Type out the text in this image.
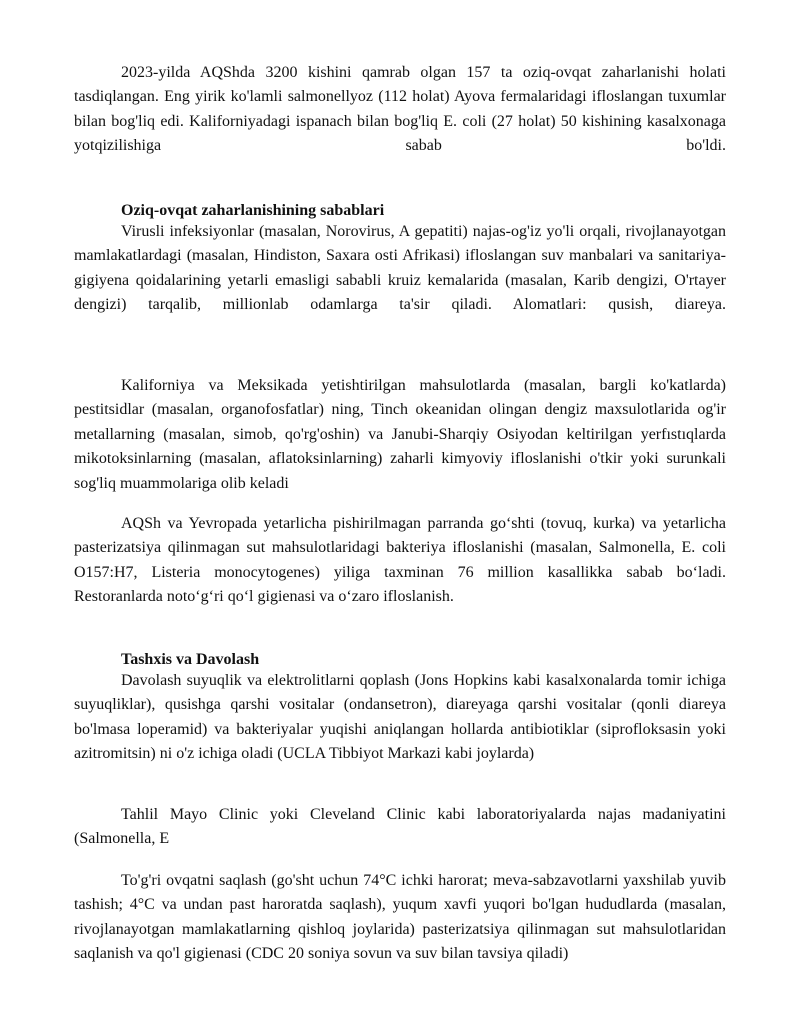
2023-yilda AQShda 3200 kishini qamrab olgan 157 ta oziq-ovqat zaharlanishi holati tasdiqlangan. Eng yirik ko'lamli salmonellyoz (112 holat) Ayova fermalaridagi ifloslangan tuxumlar bilan bog'liq edi. Kaliforniyadagi ispanach bilan bog'liq E. coli (27 holat) 50 kishining kasalxonaga yotqizilishiga sabab bo'ldi.

Oziq-ovqat zaharlanishining sabablari

Virusli infeksiyonlar (masalan, Norovirus, A gepatiti) najas-og'iz yo'li orqali, rivojlanayotgan mamlakatlardagi (masalan, Hindiston, Saxara osti Afrikasi) ifloslangan suv manbalari va sanitariya-gigiyena qoidalarining yetarli emasligi sababli kruiz kemalarida (masalan, Karib dengizi, O'rtayer dengizi) tarqalib, millionlab odamlarga ta'sir qiladi. Alomatlari: qusish, diareya.

Kaliforniya va Meksikada yetishtirilgan mahsulotlarda (masalan, bargli ko'katlarda) pestitsidlar (masalan, organofosfatlar) ning, Tinch okeanidan olingan dengiz maxsulotlarida og'ir metallarning (masalan, simob, qo'rg'oshin) va Janubi-Sharqiy Osiyodan keltirilgan yerfıstıqlarda mikotoksinlarning (masalan, aflatoksinlarning) zaharli kimyoviy ifloslanishi o'tkir yoki surunkali sog'liq muammolariga olib keladi

AQSh va Yevropada yetarlicha pishirilmagan parranda go‘shti (tovuq, kurka) va yetarlicha pasterizatsiya qilinmagan sut mahsulotlaridagi bakteriya ifloslanishi (masalan, Salmonella, E. coli O157:H7, Listeria monocytogenes) yiliga taxminan 76 million kasallikka sabab bo‘ladi. Restoranlarda noto‘g‘ri qo‘l gigienasi va o‘zaro ifloslanish.

Tashxis va Davolash

Davolash suyuqlik va elektrolitlarni qoplash (Jons Hopkins kabi kasalxonalarda tomir ichiga suyuqliklar), qusishga qarshi vositalar (ondansetron), diareyaga qarshi vositalar (qonli diareya bo'lmasa loperamid) va bakteriyalar yuqishi aniqlangan hollarda antibiotiklar (siprofloksasin yoki azitromitsin) ni o'z ichiga oladi (UCLA Tibbiyot Markazi kabi joylarda)

Tahlil Mayo Clinic yoki Cleveland Clinic kabi laboratoriyalarda najas madaniyatini (Salmonella, E

To'g'ri ovqatni saqlash (go'sht uchun 74°C ichki harorat; meva-sabzavotlarni yaxshilab yuvib tashish; 4°C va undan past haroratda saqlash), yuqum xavfi yuqori bo'lgan hududlarda (masalan, rivojlanayotgan mamlakatlarning qishloq joylarida) pasterizatsiya qilinmagan sut mahsulotlaridan saqlanish va qo'l gigienasi (CDC 20 soniya sovun va suv bilan tavsiya qiladi)
